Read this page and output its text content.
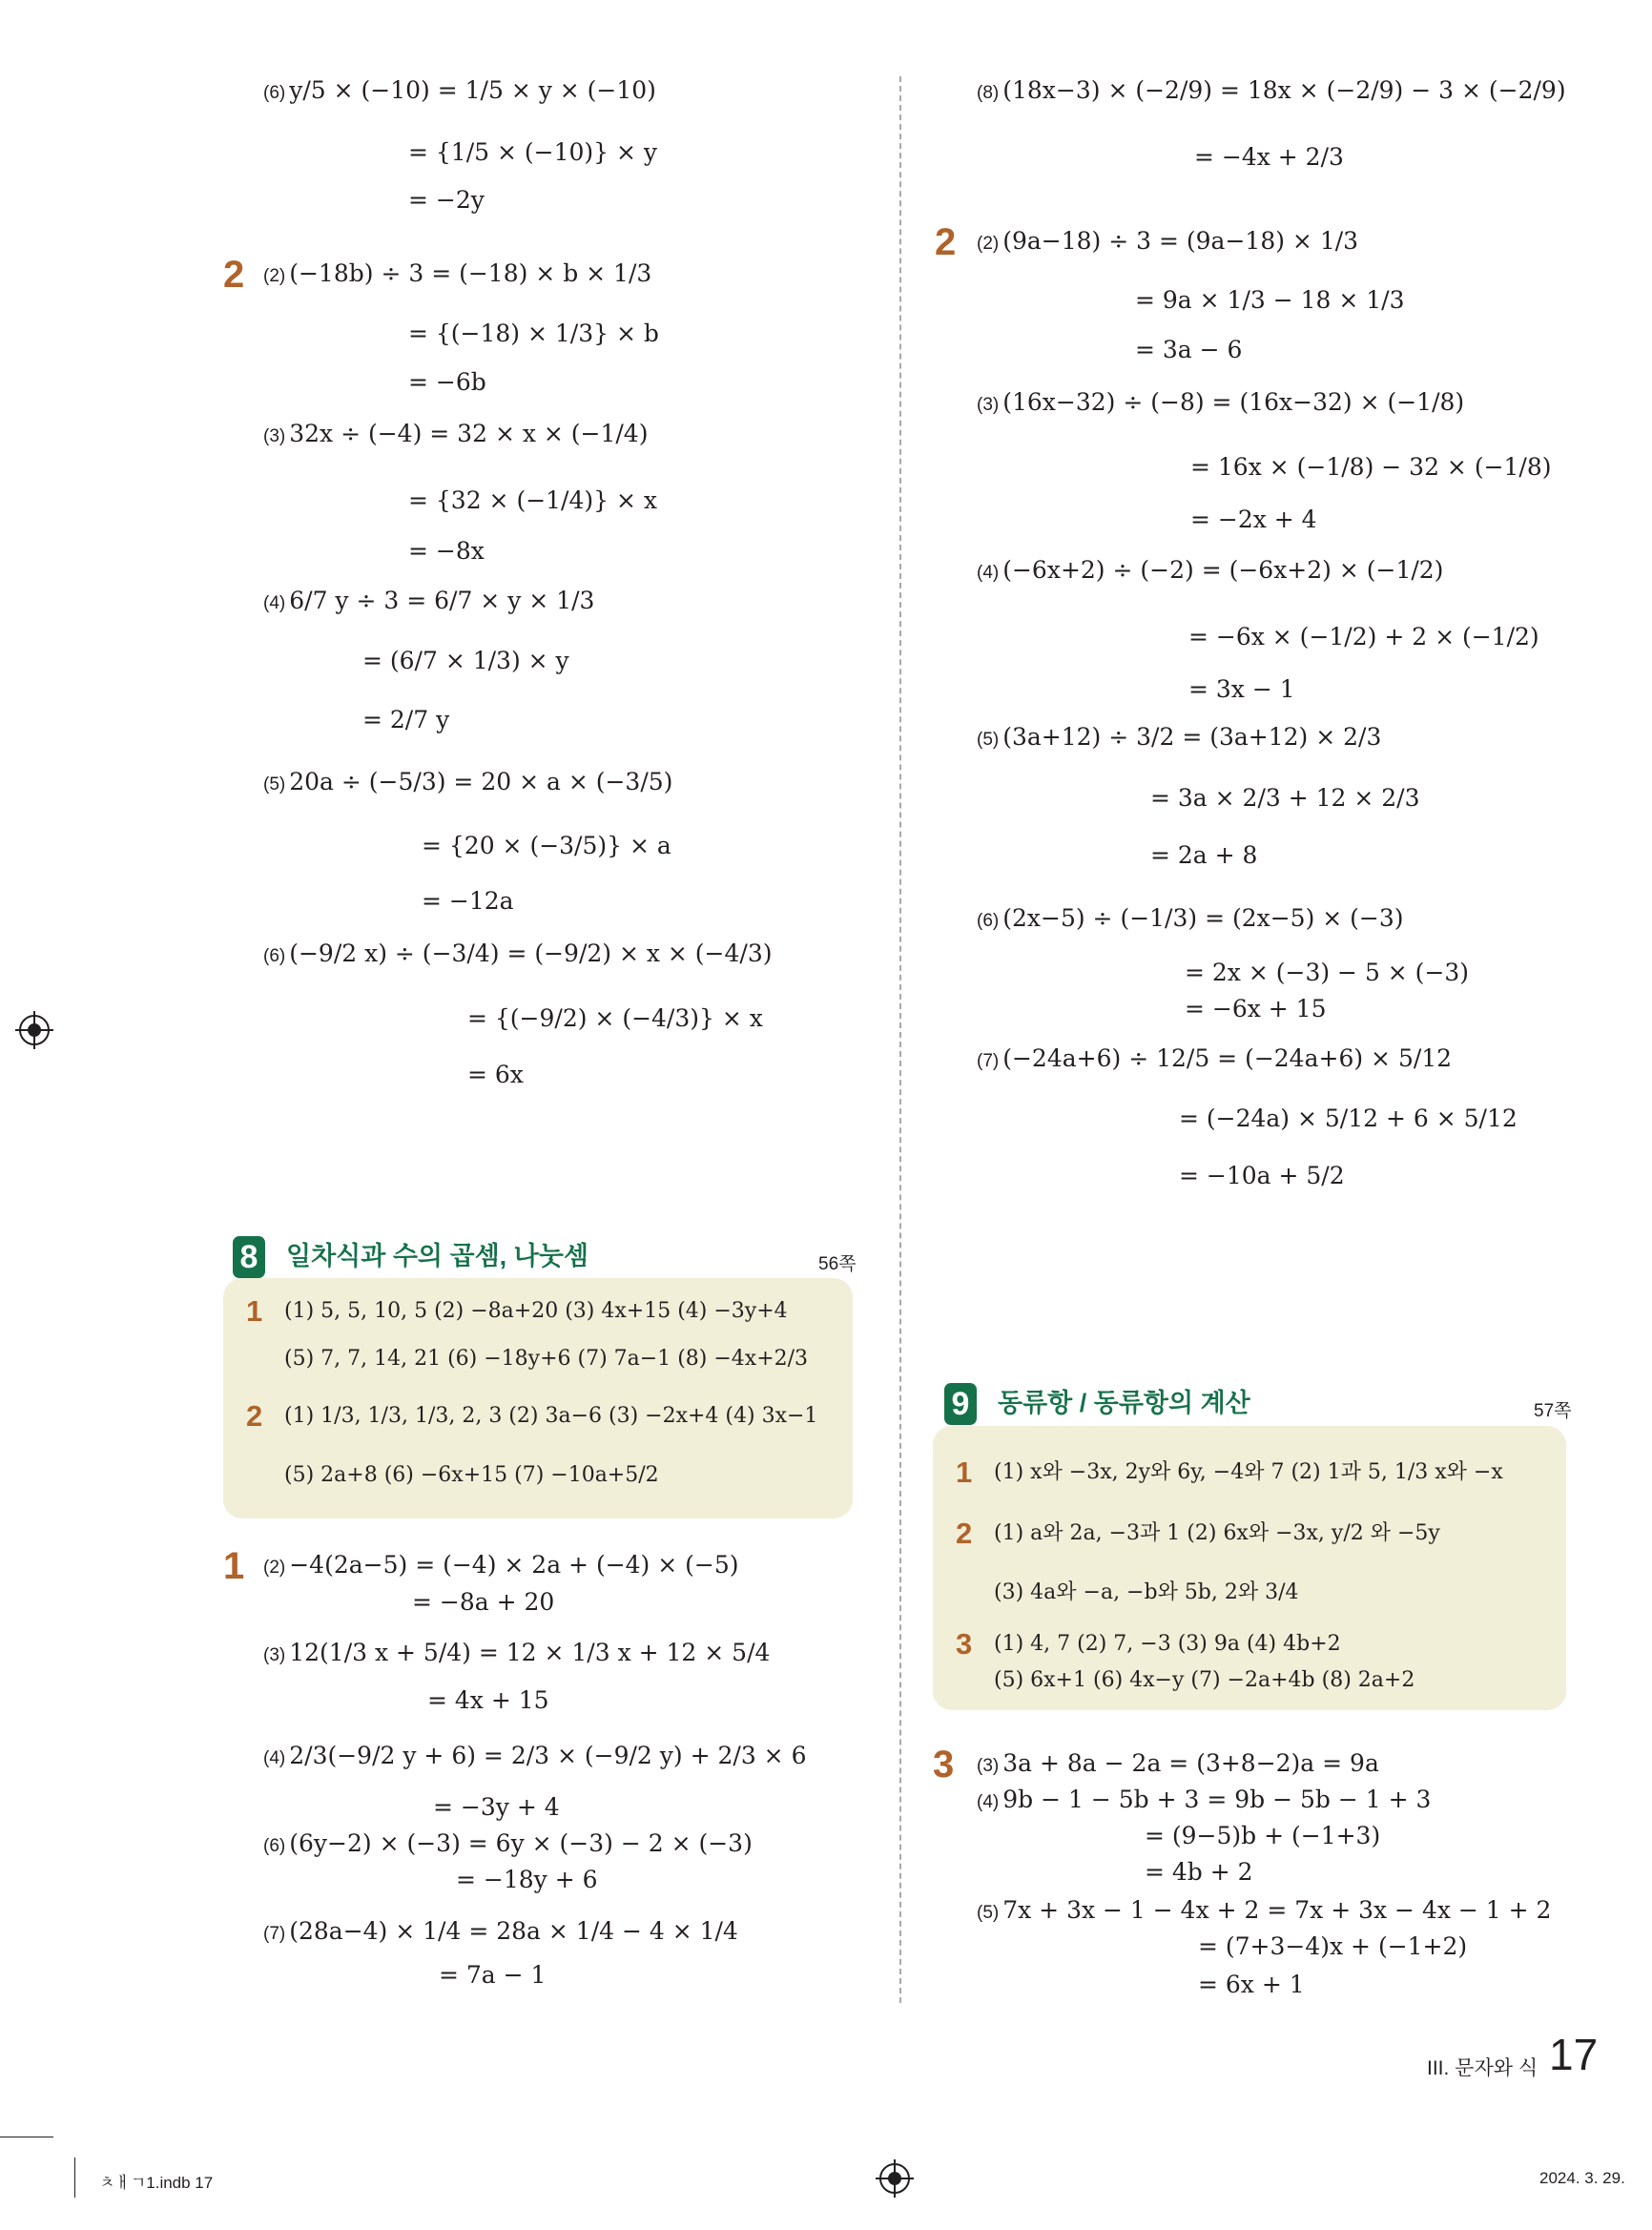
(6) y/5 × (−10) = 1/5 × y × (−10)
= {1/5 × (−10)} × y
= −2y
2 (2) (−18b) ÷ 3 = (−18) × b × 1/3
= {(−18) × 1/3} × b
= −6b
(3) 32x ÷ (−4) = 32 × x × (−1/4)
= {32 × (−1/4)} × x
= −8x
(4) 6/7 y ÷ 3 = 6/7 × y × 1/3
= (6/7 × 1/3) × y
= 2/7 y
(5) 20a ÷ (−5/3) = 20 × a × (−3/5)
= {20 × (−3/5)} × a
= −12a
(6) (−9/2 x) ÷ (−3/4) = (−9/2) × x × (−4/3)
= {(−9/2) × (−4/3)} × x
= 6x
8 일차식과 수의 곱셈, 나눗셈	56쪽
1 (1) 5, 5, 10, 5 (2) −8a+20 (3) 4x+15 (4) −3y+4
(5) 7, 7, 14, 21 (6) −18y+6 (7) 7a−1 (8) −4x+2/3
2 (1) 1/3, 1/3, 1/3, 2, 3 (2) 3a−6 (3) −2x+4 (4) 3x−1
(5) 2a+8 (6) −6x+15 (7) −10a+5/2
1 (2) −4(2a−5) = (−4) × 2a + (−4) × (−5)
= −8a + 20
(3) 12(1/3 x + 5/4) = 12 × 1/3 x + 12 × 5/4
= 4x + 15
(4) 2/3(−9/2 y + 6) = 2/3 × (−9/2 y) + 2/3 × 6
= −3y + 4
(6) (6y−2) × (−3) = 6y × (−3) − 2 × (−3)
= −18y + 6
(7) (28a−4) × 1/4 = 28a × 1/4 − 4 × 1/4
= 7a − 1
(8) (18x−3) × (−2/9) = 18x × (−2/9) − 3 × (−2/9)
= −4x + 2/3
2 (2) (9a−18) ÷ 3 = (9a−18) × 1/3
= 9a × 1/3 − 18 × 1/3
= 3a − 6
(3) (16x−32) ÷ (−8) = (16x−32) × (−1/8)
= 16x × (−1/8) − 32 × (−1/8)
= −2x + 4
(4) (−6x+2) ÷ (−2) = (−6x+2) × (−1/2)
= −6x × (−1/2) + 2 × (−1/2)
= 3x − 1
(5) (3a+12) ÷ 3/2 = (3a+12) × 2/3
= 3a × 2/3 + 12 × 2/3
= 2a + 8
(6) (2x−5) ÷ (−1/3) = (2x−5) × (−3)
= 2x × (−3) − 5 × (−3)
= −6x + 15
(7) (−24a+6) ÷ 12/5 = (−24a+6) × 5/12
= (−24a) × 5/12 + 6 × 5/12
= −10a + 5/2
9 동류항 / 동류항의 계산	57쪽
1 (1) x와 −3x, 2y와 6y, −4와 7 (2) 1과 5, 1/3 x와 −x
2 (1) a와 2a, −3과 1 (2) 6x와 −3x, y/2 와 −5y
(3) 4a와 −a, −b와 5b, 2와 3/4
3 (1) 4, 7 (2) 7, −3 (3) 9a (4) 4b+2
(5) 6x+1 (6) 4x−y (7) −2a+4b (8) 2a+2
3 (3) 3a + 8a − 2a = (3+8−2)a = 9a
(4) 9b − 1 − 5b + 3 = 9b − 5b − 1 + 3
= (9−5)b + (−1+3)
= 4b + 2
(5) 7x + 3x − 1 − 4x + 2 = 7x + 3x − 4x − 1 + 2
= (7+3−4)x + (−1+2)
= 6x + 1
III. 문자와 식 17
ㅊㅐㄱ1.indb 17	2024. 3. 29.
